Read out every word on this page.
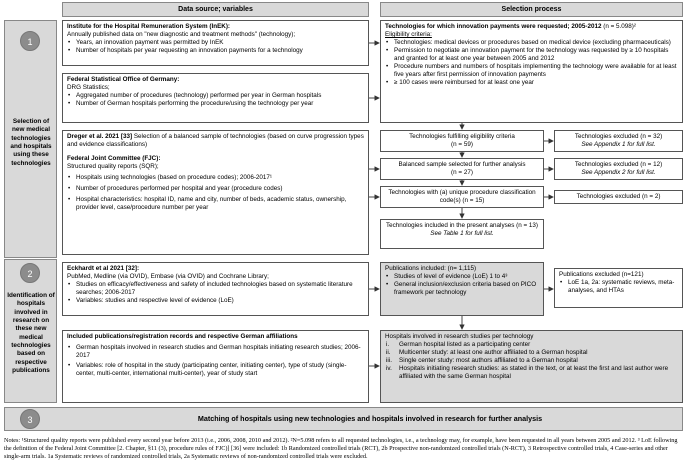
Data source; variables	Selection process
1
Selection of new medical technologies and hospitals using these technologies
2
Identification of hospitals involved in research on these new medical technologies based on respective publications
Institute for the Hospital Remuneration System (InEK):
Annually published data on "new diagnostic and treatment methods" (technology);
• Years, an innovation payment was permitted by InEK
• Number of hospitals per year requesting an innovation payments for a technology
Federal Statistical Office of Germany:
DRG Statistics;
• Aggregated number of procedures (technology) performed per year in German hospitals
• Number of German hospitals performing the procedure/using the technology per year
Dreger et al. 2021 [33] Selection of a balanced sample of technologies (based on curve progression types and evidence classifications)
Federal Joint Committee (FJC):
Structured quality reports (SQR);
• Hospitals using technologies (based on procedure codes); 2006-2017¹
• Number of procedures performed per hospital and year (procedure codes)
• Hospital characteristics: hospital ID, name and city, number of beds, academic status, ownership, provider level, case/procedure number per year
Eckhardt et al 2021 [32]:
PubMed, Medline (via OVID), Embase (via OVID) and Cochrane Library;
• Studies on efficacy/effectiveness and safety of included technologies based on systematic literature searches; 2006-2017
• Variables: studies and respective level of evidence (LoE)
Included publications/registration records and respective German affiliations
• German hospitals involved in research studies and German hospitals initiating research studies; 2006-2017
• Variables: role of hospital in the study (participating center, initiating center), type of study (single-center, multi-center, international multi-center), year of study start
Technologies for which innovation payments were requested; 2005-2012 (n = 5.098)²
Eligibility criteria:
• Technologies: medical devices or procedures based on medical device (excluding pharmaceuticals)
• Permission to negotiate an innovation payment for the technology was requested by ≥ 10 hospitals and granted for at least one year between 2005 and 2012
• Procedure numbers and numbers of hospitals implementing the technology were available for at least five years after first permission of innovation payments
• ≥ 100 cases were reimbursed for at least one year
Technologies fulfilling eligibility criteria
(n = 59)
Technologies excluded (n = 32)
See Appendix 1 for full list.
Balanced sample selected for further analysis
(n = 27)
Technologies excluded (n = 12)
See Appendix 2 for full list.
Technologies with (a) unique procedure classification code(s) (n = 15)
Technologies excluded (n = 2)
Technologies included in the present analyses (n = 13)
See Table 1 for full list.
Publications included: (n= 1,115)
• Studies of level of evidence (LoE) 1 to 4³
• General inclusion/exclusion criteria based on PICO framework per technology
Publications excluded (n=121)
• LoE 1a, 2a: systematic reviews, meta-analyses, and HTAs
Hospitals involved in research studies per technology
i. German hospital listed as a participating center
ii. Multicenter study: at least one author affiliated to a German hospital
iii. Single center study: most authors affiliated to a German hospital
iv. Hospitals initiating research studies: as stated in the text, or at least the first and last author were affiliated with the same German hospital
3	Matching of hospitals using new technologies and hospitals involved in research for further analysis
Notes: ¹Structured quality reports were published every second year before 2013 (i.e., 2006, 2008, 2010 and 2012). ²N=5.098 refers to all requested technologies, i.e., a technology may, for example, have been requested in all years between 2005 and 2012. ³ LoE following the definition of the Federal Joint Committee [2. Chapter, §11 (3), procedure rules of FJC)] [36] were included: 1b Randomized controlled trials (RCT), 2b Prospective non-randomized controlled trials (N-RCT), 3 Retrospective controlled trials, 4 Case-series and other single-arm trials. 1a Systematic reviews of randomized controlled trials, 2a Systematic reviews of non-randomized controlled trials were excluded.
